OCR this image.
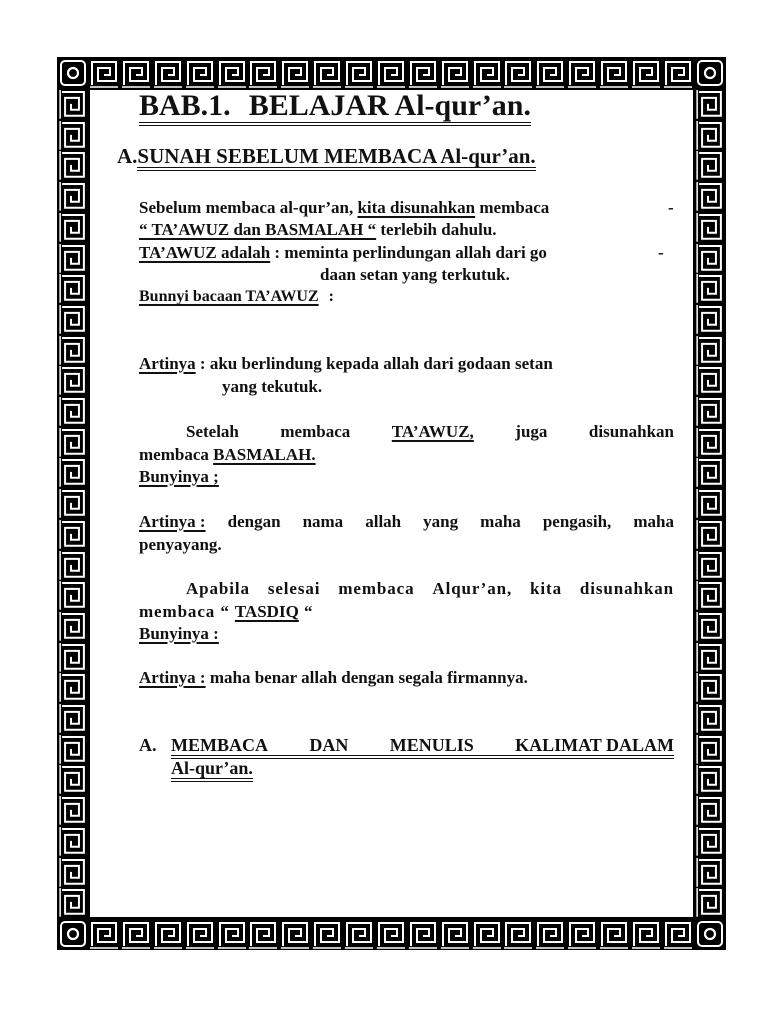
BAB.1. BELAJAR Al-qur’an.
A.SUNAH SEBELUM MEMBACA Al-qur’an.
Sebelum membaca al-qur’an, kita disunahkan membaca	-
“ TA’AWUZ dan BASMALAH “ terlebih dahulu.
TA’AWUZ adalah : meminta perlindungan allah dari go	-
daan setan yang terkutuk.
Bunnyi bacaan TA’AWUZ :
Artinya : aku berlindung kepada allah dari godaan setan
yang tekutuk.
Setelah membaca TA’AWUZ, juga disunahkan
membaca BASMALAH.
Bunyinya ;
Artinya : dengan nama allah yang maha pengasih, maha
penyayang.
Apabila selesai membaca Alqur’an, kita disunahkan
membaca “ TASDIQ “
Bunyinya :
Artinya : maha benar allah dengan segala firmannya.
A. MEMBACA DAN MENULIS KALIMAT DALAM
Al-qur’an.
